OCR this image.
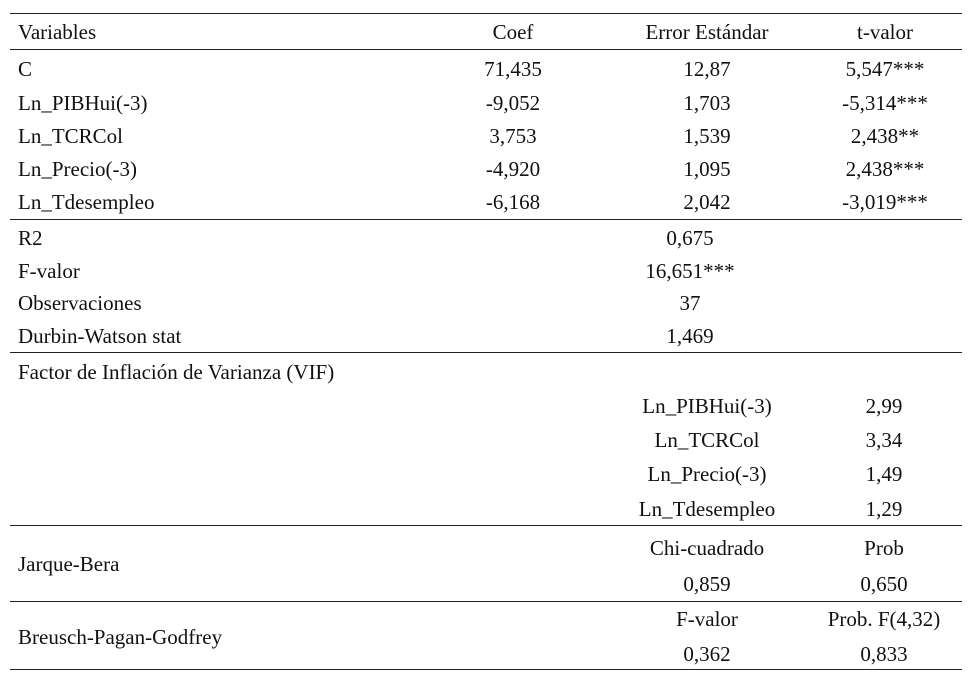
Variables	Coef	Error Estándar	t-valor
C	71,435	12,87	5,547***
Ln_PIBHui(-3)	-9,052	1,703	-5,314***
Ln_TCRCol	3,753	1,539	2,438**
Ln_Precio(-3)	-4,920	1,095	2,438***
Ln_Tdesempleo	-6,168	2,042	-3,019***
R2	0,675
F-valor	16,651***
Observaciones	37
Durbin-Watson stat	1,469
Factor de Inflación de Varianza (VIF)
Ln_PIBHui(-3)	2,99
Ln_TCRCol	3,34
Ln_Precio(-3)	1,49
Ln_Tdesempleo	1,29
Jarque-Bera
Chi-cuadrado	Prob
0,859	0,650
Breusch-Pagan-Godfrey
F-valor	Prob. F(4,32)
0,362	0,833
